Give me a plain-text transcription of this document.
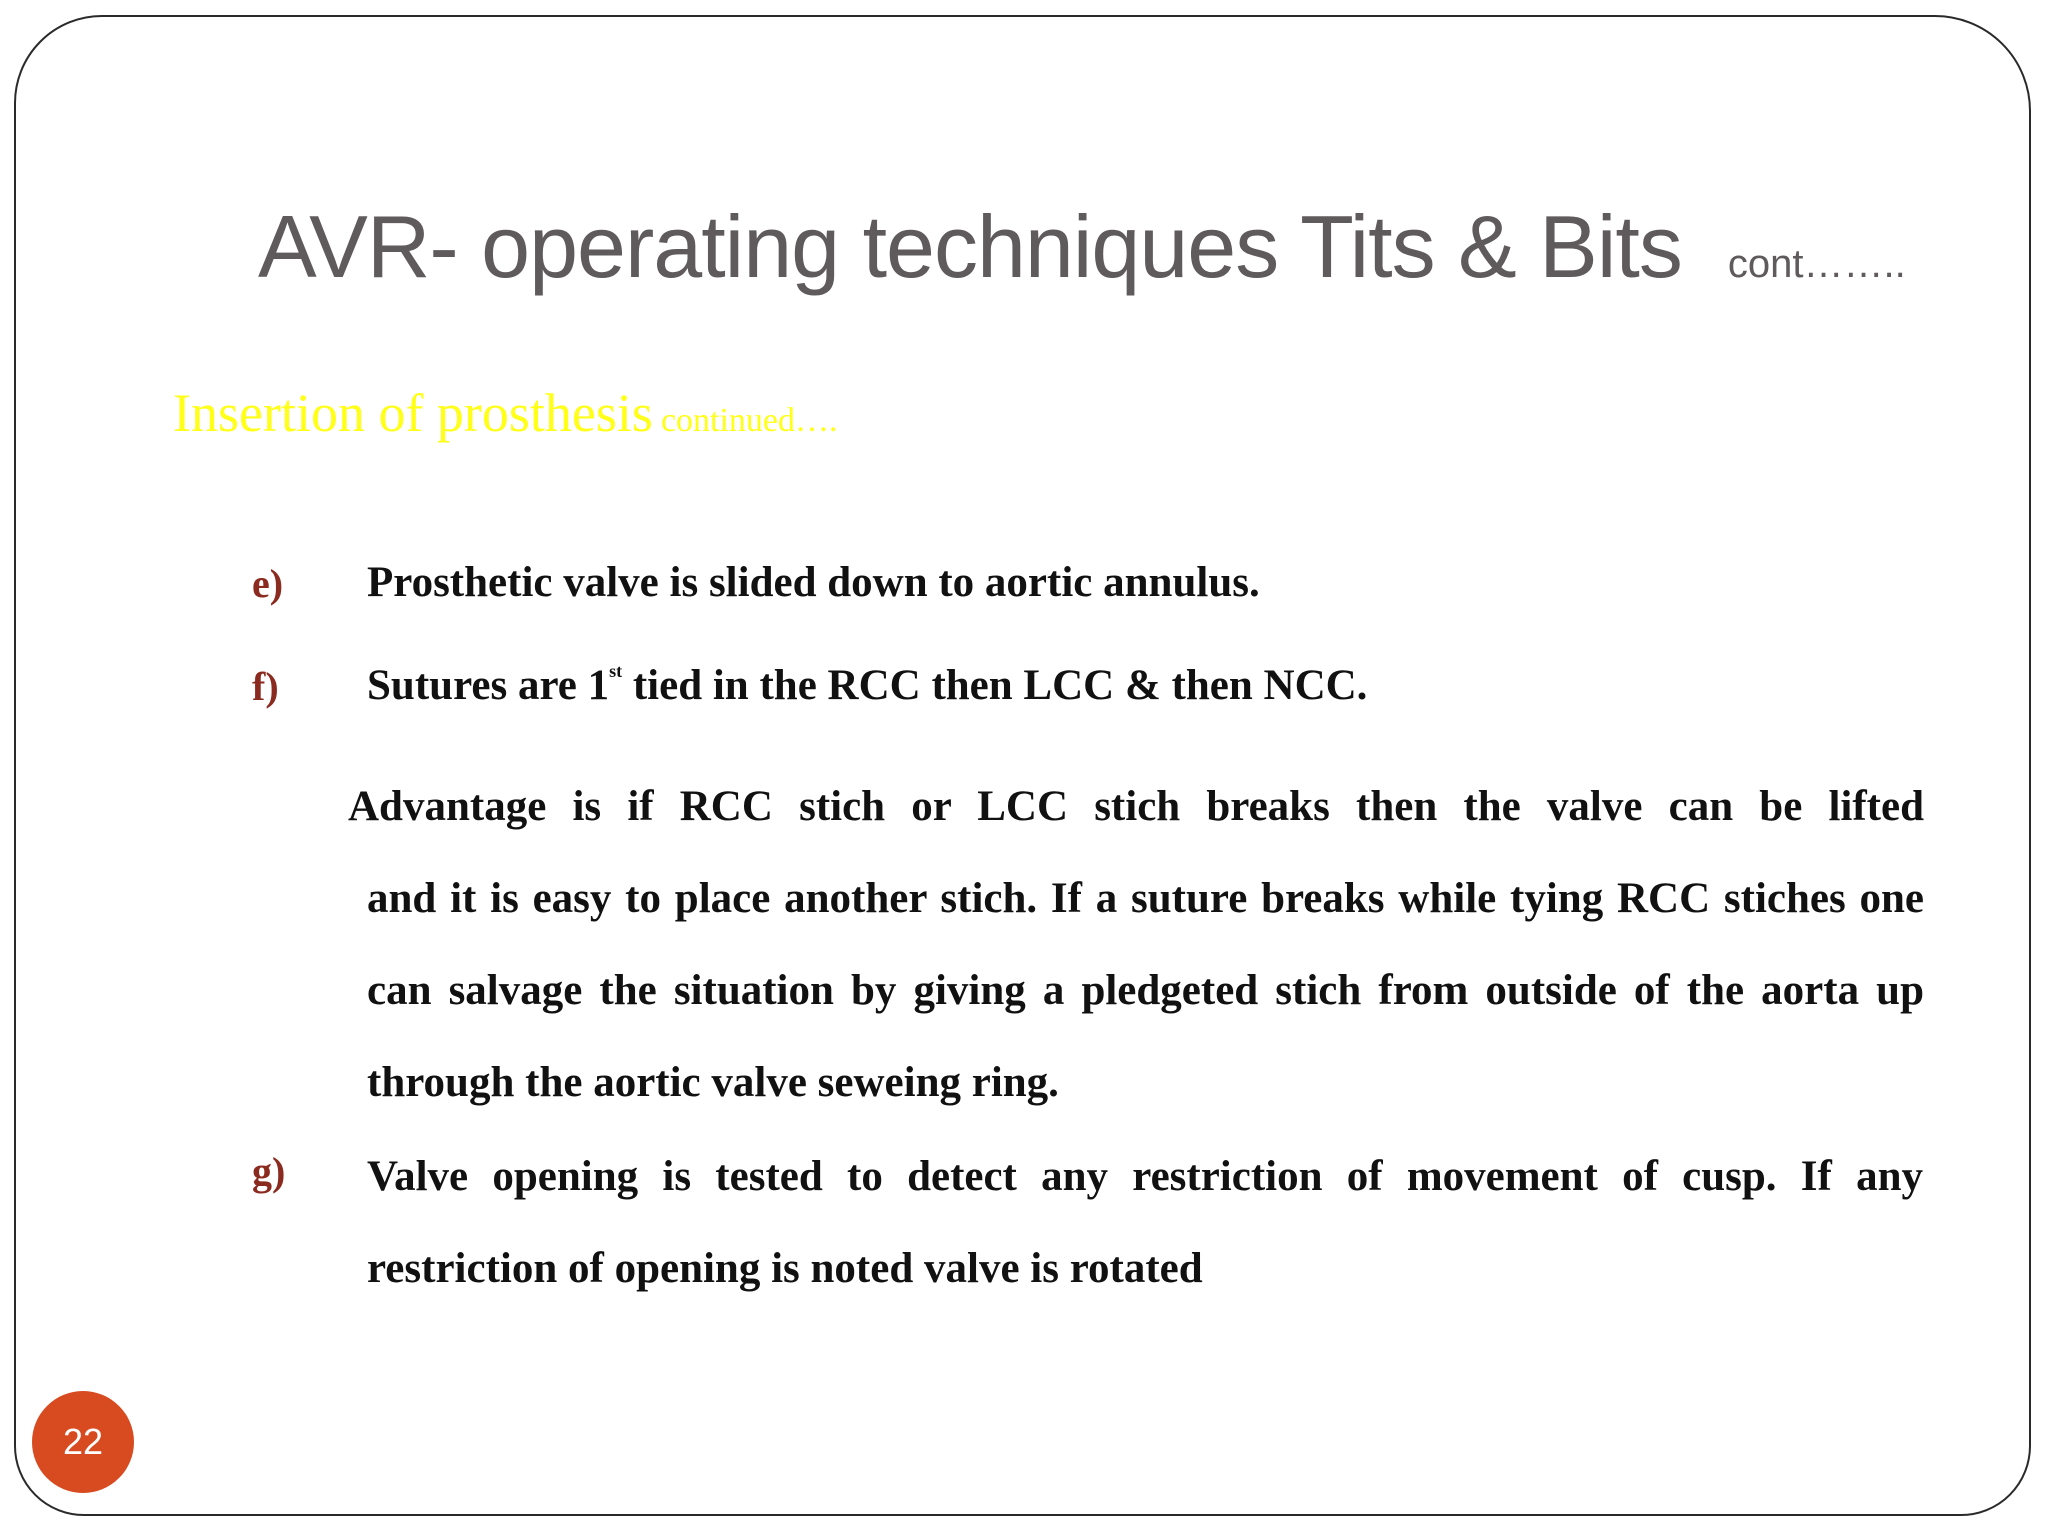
AVR- operating techniques Tits & Bits cont……..
Insertion of prosthesis continued….
e) Prosthetic valve is slided down to aortic annulus.
f) Sutures are 1st tied in the RCC then LCC & then NCC.
Advantage is if RCC stich or LCC stich breaks then the valve can be lifted
and it is easy to place another stich. If a suture breaks while tying RCC stiches one can salvage the situation by giving a pledgeted stich from outside of the aorta up through the aortic valve seweing ring.
g) Valve opening is tested to detect any restriction of movement of cusp. If any restriction of opening is noted valve is rotated
22
